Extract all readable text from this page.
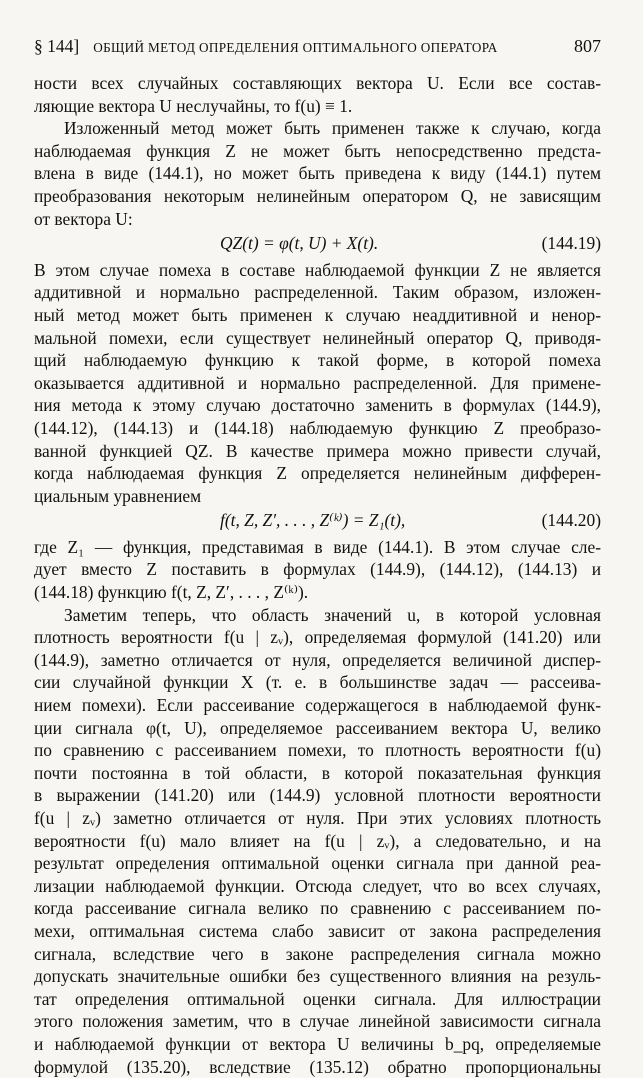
§ 144] ОБЩИЙ МЕТОД ОПРЕДЕЛЕНИЯ ОПТИМАЛЬНОГО ОПЕРАТОРА	807
ности всех случайных составляющих вектора U. Если все состав-
ляющие вектора U неслучайны, то f(u) ≡ 1.
Изложенный метод может быть применен также к случаю, когда
наблюдаемая функция Z не может быть непосредственно предста-
влена в виде (144.1), но может быть приведена к виду (144.1) путем
преобразования некоторым нелинейным оператором Q, не зависящим
от вектора U:
QZ(t) = φ(t, U) + X(t).	(144.19)
В этом случае помеха в составе наблюдаемой функции Z не является
аддитивной и нормально распределенной. Таким образом, изложен-
ный метод может быть применен к случаю неаддитивной и ненор-
мальной помехи, если существует нелинейный оператор Q, приводя-
щий наблюдаемую функцию к такой форме, в которой помеха
оказывается аддитивной и нормально распределенной. Для примене-
ния метода к этому случаю достаточно заменить в формулах (144.9),
(144.12), (144.13) и (144.18) наблюдаемую функцию Z преобразо-
ванной функцией QZ. В качестве примера можно привести случай,
когда наблюдаемая функция Z определяется нелинейным дифферен-
циальным уравнением
f(t, Z, Z′, . . . , Z⁽ᵏ⁾) = Z₁(t),	(144.20)
где Z₁ — функция, представимая в виде (144.1). В этом случае сле-
дует вместо Z поставить в формулах (144.9), (144.12), (144.13) и
(144.18) функцию f(t, Z, Z′, . . . , Z⁽ᵏ⁾).
Заметим теперь, что область значений u, в которой условная
плотность вероятности f(u | zᵥ), определяемая формулой (141.20) или
(144.9), заметно отличается от нуля, определяется величиной диспер-
сии случайной функции X (т. е. в большинстве задач — рассеива-
нием помехи). Если рассеивание содержащегося в наблюдаемой функ-
ции сигнала φ(t, U), определяемое рассеиванием вектора U, велико
по сравнению с рассеиванием помехи, то плотность вероятности f(u)
почти постоянна в той области, в которой показательная функция
в выражении (141.20) или (144.9) условной плотности вероятности
f(u | zᵥ) заметно отличается от нуля. При этих условиях плотность
вероятности f(u) мало влияет на f(u | zᵥ), а следовательно, и на
результат определения оптимальной оценки сигнала при данной реа-
лизации наблюдаемой функции. Отсюда следует, что во всех случаях,
когда рассеивание сигнала велико по сравнению с рассеиванием по-
мехи, оптимальная система слабо зависит от закона распределения
сигнала, вследствие чего в законе распределения сигнала можно
допускать значительные ошибки без существенного влияния на резуль-
тат определения оптимальной оценки сигнала. Для иллюстрации
этого положения заметим, что в случае линейной зависимости сигнала
и наблюдаемой функции от вектора U величины b_pq, определяемые
формулой (135.20), вследствие (135.12) обратно пропорциональны
